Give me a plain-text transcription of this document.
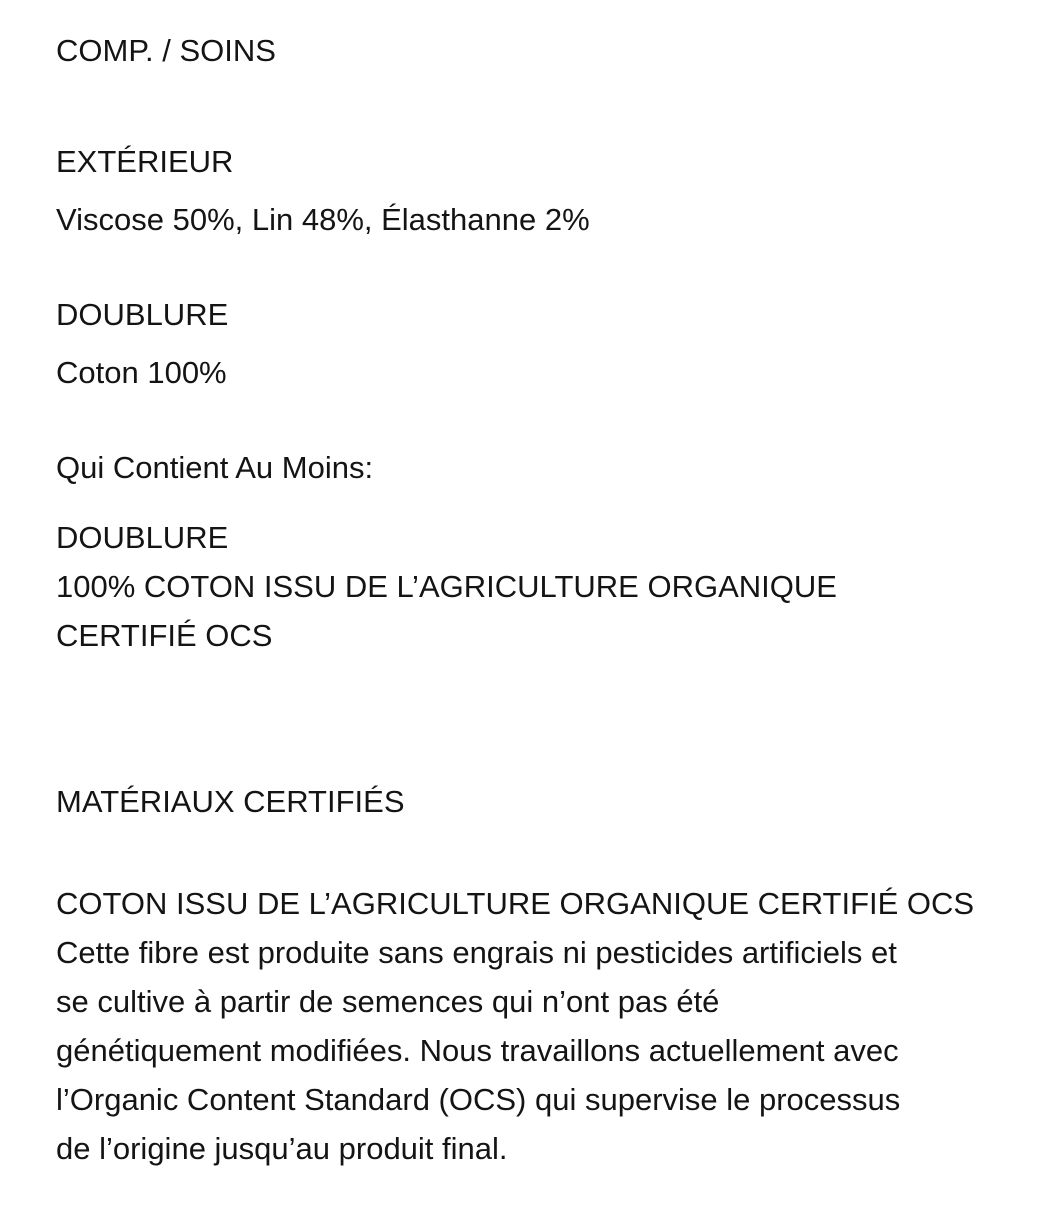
COMP. / SOINS

EXTÉRIEUR

Viscose 50%, Lin 48%, Élasthanne 2%

DOUBLURE

Coton 100%

Qui Contient Au Moins:

DOUBLURE

100% COTON ISSU DE L’AGRICULTURE ORGANIQUE
CERTIFIÉ OCS

MATÉRIAUX CERTIFIÉS

COTON ISSU DE L’AGRICULTURE ORGANIQUE CERTIFIÉ OCS

Cette fibre est produite sans engrais ni pesticides artificiels et
se cultive à partir de semences qui n’ont pas été
génétiquement modifiées. Nous travaillons actuellement avec
l’Organic Content Standard (OCS) qui supervise le processus
de l’origine jusqu’au produit final.
